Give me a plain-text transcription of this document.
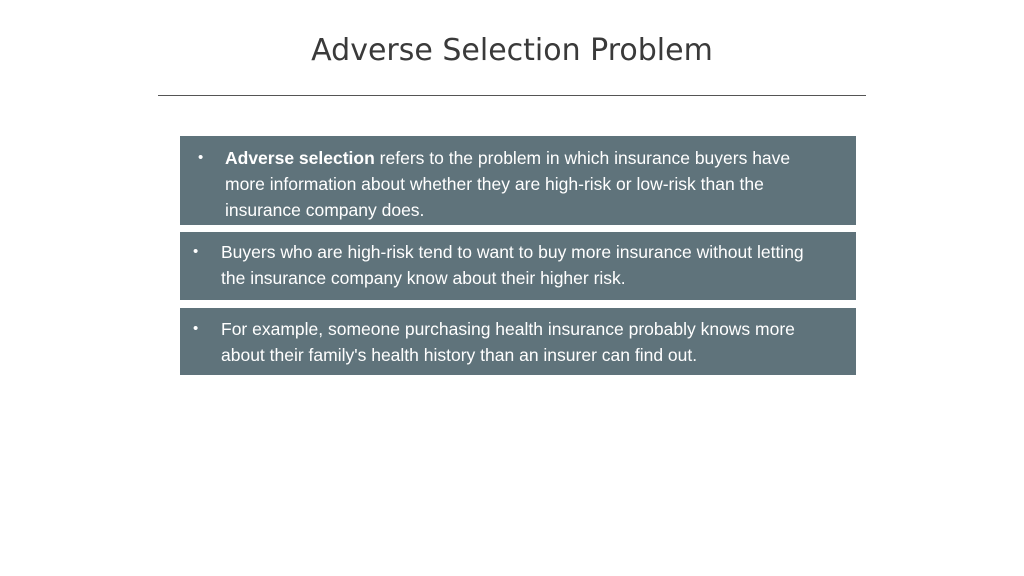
Adverse Selection Problem
• Adverse selection refers to the problem in which insurance buyers have more information about whether they are high-risk or low-risk than the insurance company does.
• Buyers who are high-risk tend to want to buy more insurance without letting the insurance company know about their higher risk.
• For example, someone purchasing health insurance probably knows more about their family's health history than an insurer can find out.
